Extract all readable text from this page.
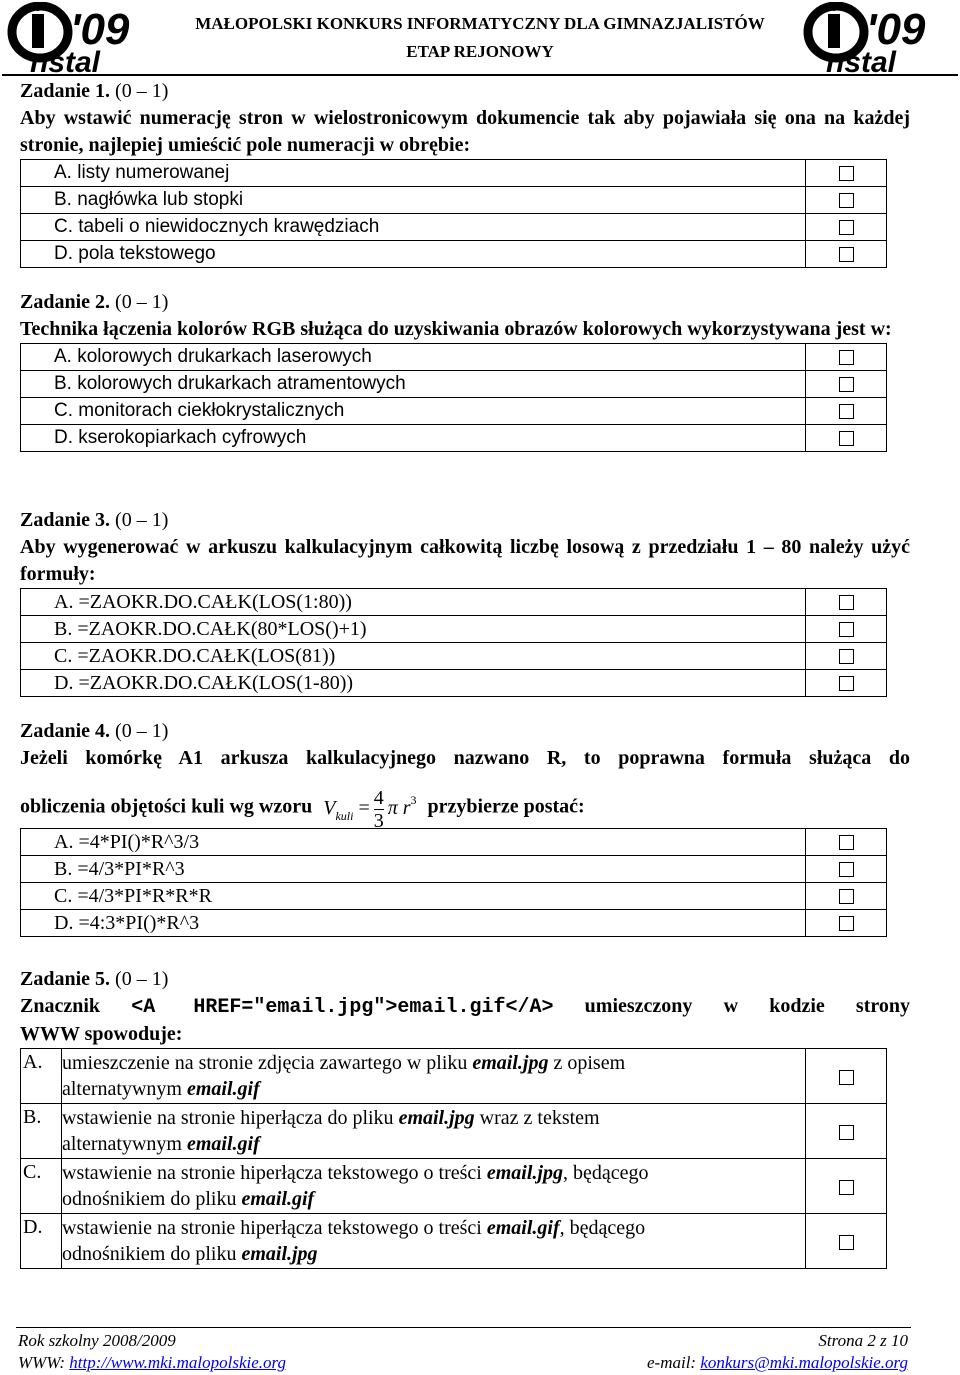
'09
nstal
MAŁOPOLSKI KONKURS INFORMATYCZNY DLA GIMNAZJALISTÓW
ETAP REJONOWY	'09
nstal
Zadanie 1. (0 – 1)
Aby wstawić numerację stron w wielostronicowym dokumencie tak aby pojawiała się ona na każdej stronie, najlepiej umieścić pole numeracji w obrębie:
A. listy numerowanej	
B. nagłówka lub stopki	
C. tabeli o niewidocznych krawędziach	
D. pola tekstowego	
Zadanie 2. (0 – 1)
Technika łączenia kolorów RGB służąca do uzyskiwania obrazów kolorowych wykorzystywana jest w:
A. kolorowych drukarkach laserowych	
B. kolorowych drukarkach atramentowych	
C. monitorach ciekłokrystalicznych	
D. kserokopiarkach cyfrowych	
Zadanie 3. (0 – 1)
Aby wygenerować w arkuszu kalkulacyjnym całkowitą liczbę losową z przedziału 1 – 80 należy użyć formuły:
A. =ZAOKR.DO.CAŁK(LOS(1:80))	
B. =ZAOKR.DO.CAŁK(80*LOS()+1)	
C. =ZAOKR.DO.CAŁK(LOS(81))	
D. =ZAOKR.DO.CAŁK(LOS(1-80))	
Zadanie 4. (0 – 1)
Jeżeli komórkę A1 arkusza kalkulacyjnego nazwano R, to poprawna formuła służąca do
obliczenia objętości kuli wg wzoru $V_{kuli} = \frac{4}{3}$ π $r^3$ przybierze postać:
A. =4*PI()*R^3/3	
B. =4/3*PI*R^3	
C. =4/3*PI*R*R*R	
D. =4:3*PI()*R^3	
Zadanie 5. (0 – 1)
Znacznik <A HREF="email.jpg">email.gif</A> umieszczony w kodzie strony
WWW spowoduje:
A.	umieszczenie na stronie zdjęcia zawartego w pliku email.jpg z opisem
alternatywnym email.gif	
B.	wstawienie na stronie hiperłącza do pliku email.jpg wraz z tekstem
alternatywnym email.gif	
C.	wstawienie na stronie hiperłącza tekstowego o treści email.jpg, będącego
odnośnikiem do pliku email.gif	
D.	wstawienie na stronie hiperłącza tekstowego o treści email.gif, będącego
odnośnikiem do pliku email.jpg	
Rok szkolny 2008/2009	Strona 2 z 10
WWW: http://www.mki.malopolskie.org	e-mail: konkurs@mki.malopolskie.org
